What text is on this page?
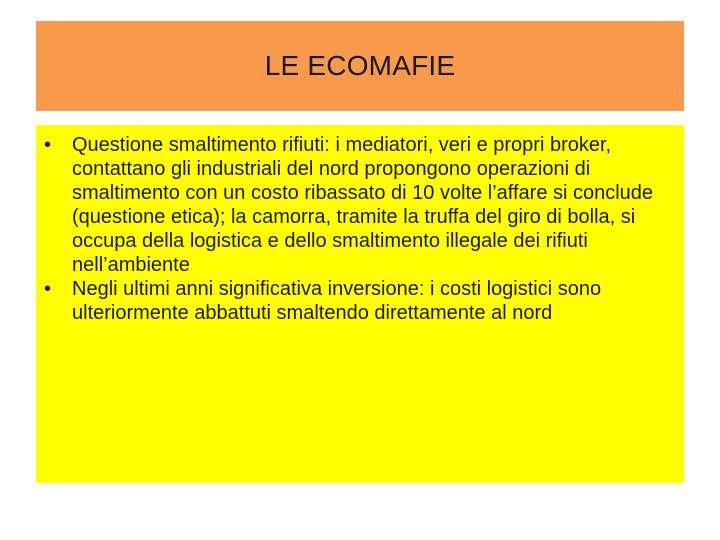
LE ECOMAFIE
• Questione smaltimento rifiuti: i mediatori, veri e propri broker, contattano gli industriali del nord propongono operazioni di smaltimento con un costo ribassato di 10 volte l’affare si conclude (questione etica); la camorra, tramite la truffa del giro di bolla, si occupa della logistica e dello smaltimento illegale dei rifiuti nell’ambiente
• Negli ultimi anni significativa inversione: i costi logistici sono ulteriormente abbattuti smaltendo direttamente al nord
